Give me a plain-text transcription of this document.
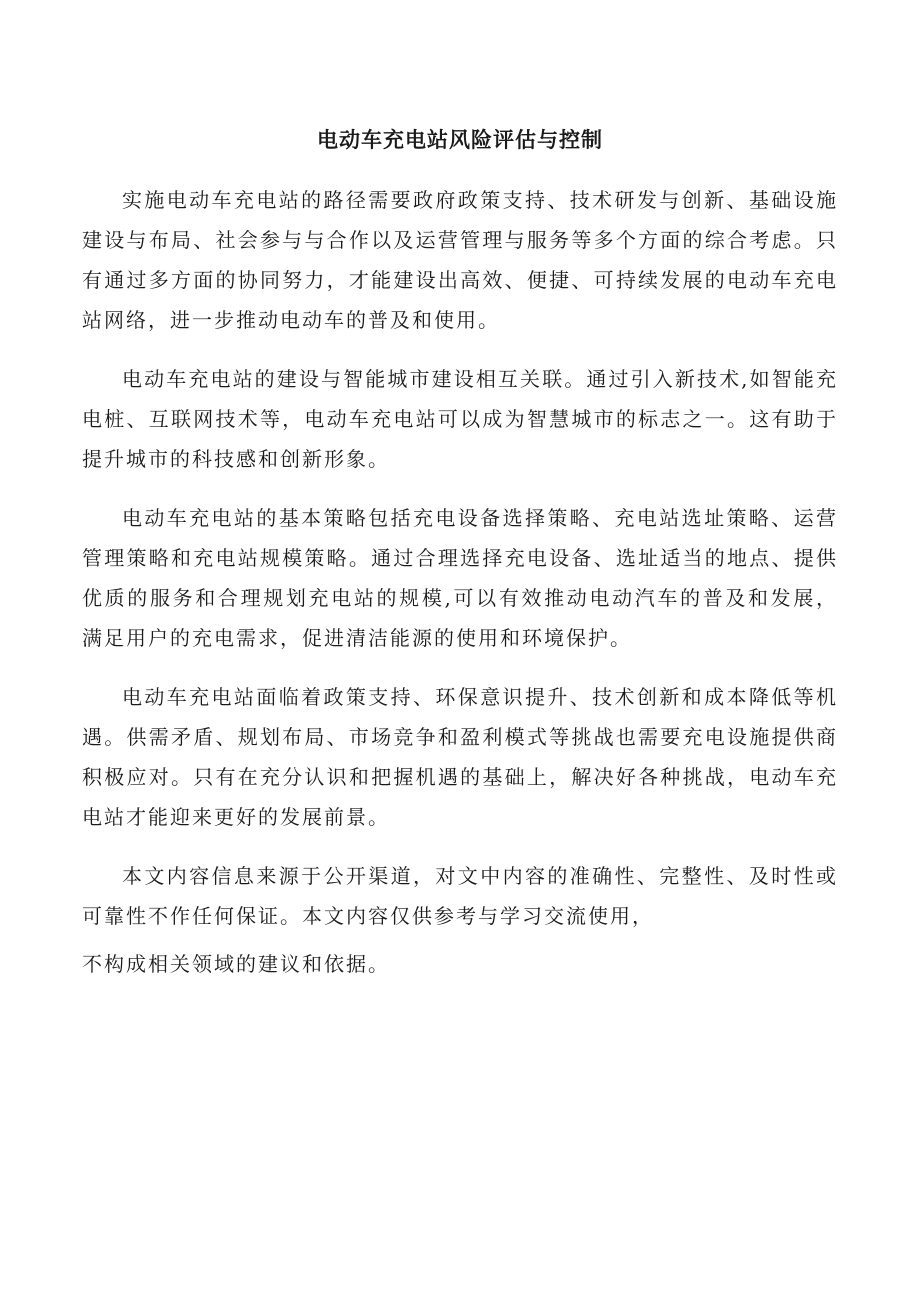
电动车充电站风险评估与控制

实施电动车充电站的路径需要政府政策支持、技术研发与创新、基础设施建设与布局、社会参与与合作以及运营管理与服务等多个方面的综合考虑。只有通过多方面的协同努力，才能建设出高效、便捷、可持续发展的电动车充电站网络，进一步推动电动车的普及和使用。

电动车充电站的建设与智能城市建设相互关联。通过引入新技术,如智能充电桩、互联网技术等，电动车充电站可以成为智慧城市的标志之一。这有助于提升城市的科技感和创新形象。

电动车充电站的基本策略包括充电设备选择策略、充电站选址策略、运营管理策略和充电站规模策略。通过合理选择充电设备、选址适当的地点、提供优质的服务和合理规划充电站的规模,可以有效推动电动汽车的普及和发展，满足用户的充电需求，促进清洁能源的使用和环境保护。

电动车充电站面临着政策支持、环保意识提升、技术创新和成本降低等机遇。供需矛盾、规划布局、市场竞争和盈利模式等挑战也需要充电设施提供商积极应对。只有在充分认识和把握机遇的基础上，解决好各种挑战，电动车充电站才能迎来更好的发展前景。

本文内容信息来源于公开渠道，对文中内容的准确性、完整性、及时性或可靠性不作任何保证。本文内容仅供参考与学习交流使用，

不构成相关领域的建议和依据。
